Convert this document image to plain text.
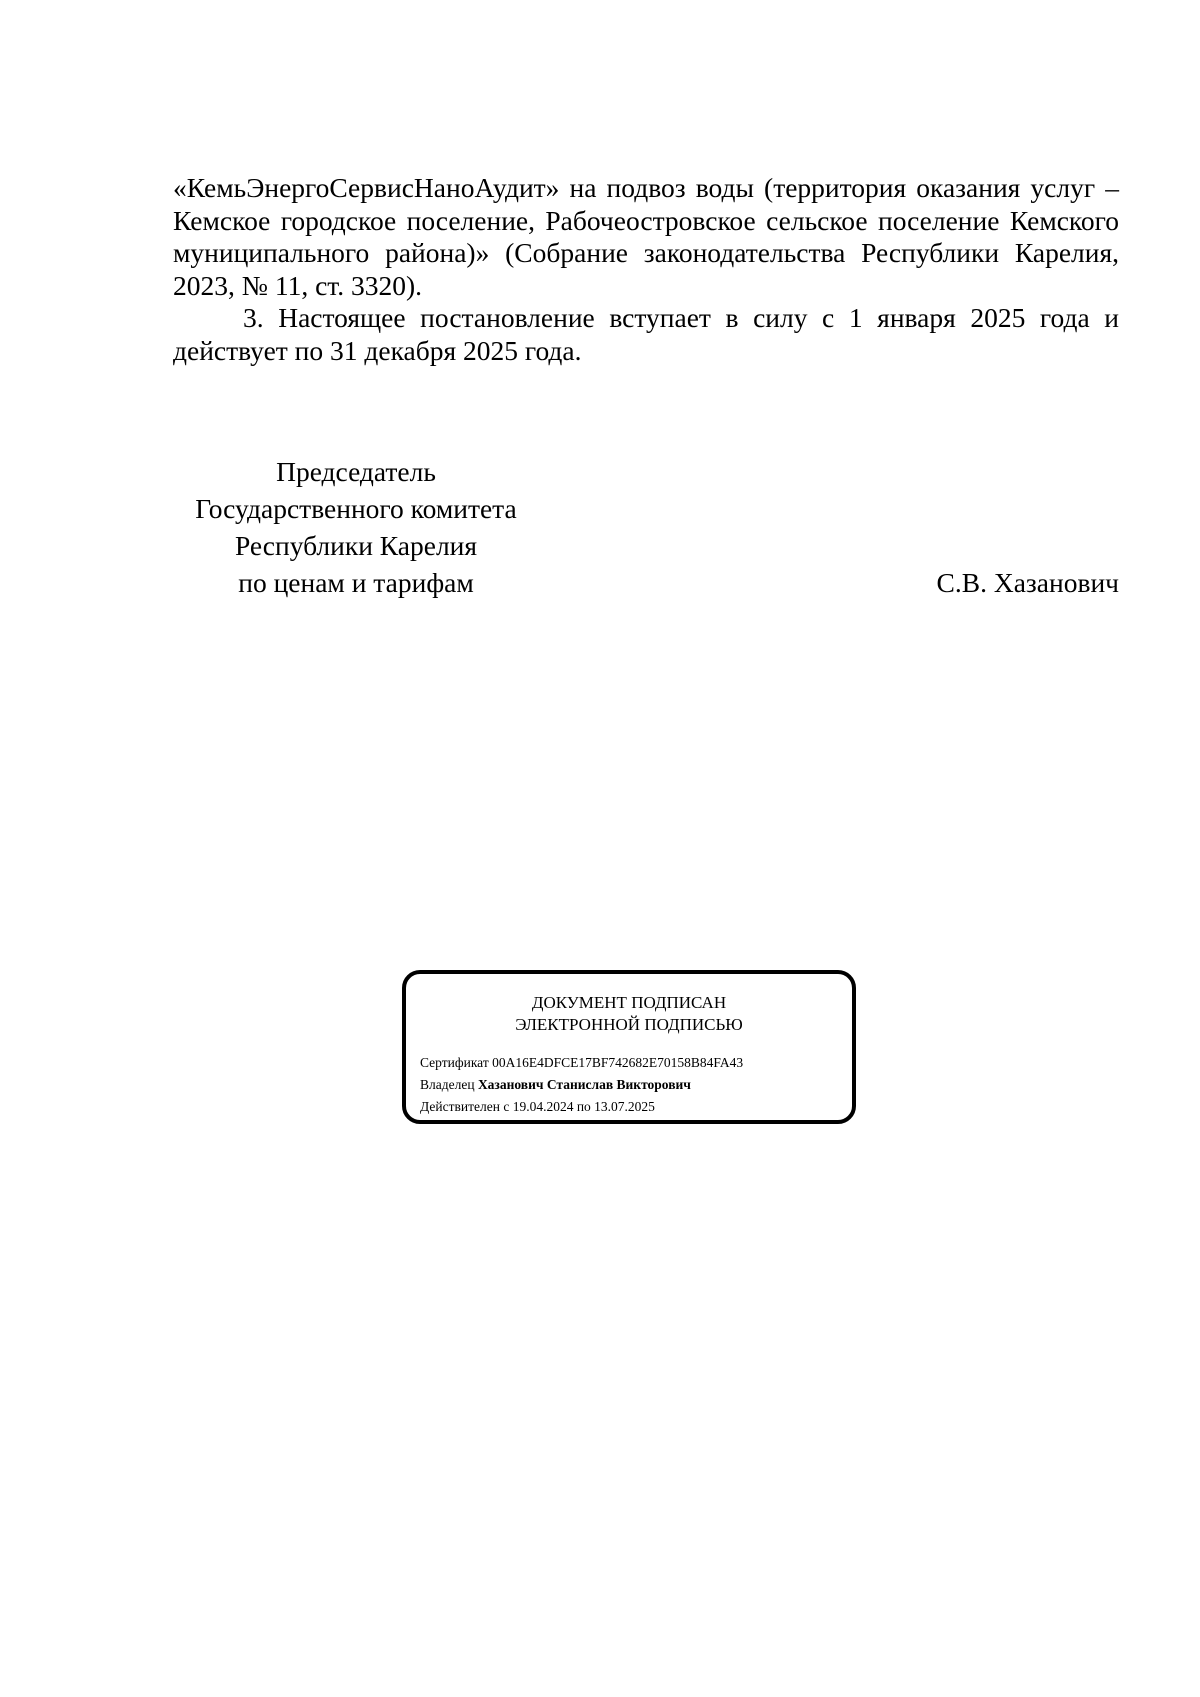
«КемьЭнергоСервисНаноАудит» на подвоз воды (территория оказания услуг – Кемское городское поселение, Рабочеостровское сельское поселение Кемского муниципального района)» (Собрание законодательства Республики Карелия, 2023, № 11, ст. 3320).

3. Настоящее постановление вступает в силу с 1 января 2025 года и действует по 31 декабря 2025 года.

Председатель
Государственного комитета
Республики Карелия
по ценам и тарифам	С.В. Хазанович
ДОКУМЕНТ ПОДПИСАН
ЭЛЕКТРОННОЙ ПОДПИСЬЮ
Сертификат 00A16E4DFCE17BF742682E70158B84FA43
Владелец Хазанович Станислав Викторович
Действителен с 19.04.2024 по 13.07.2025
